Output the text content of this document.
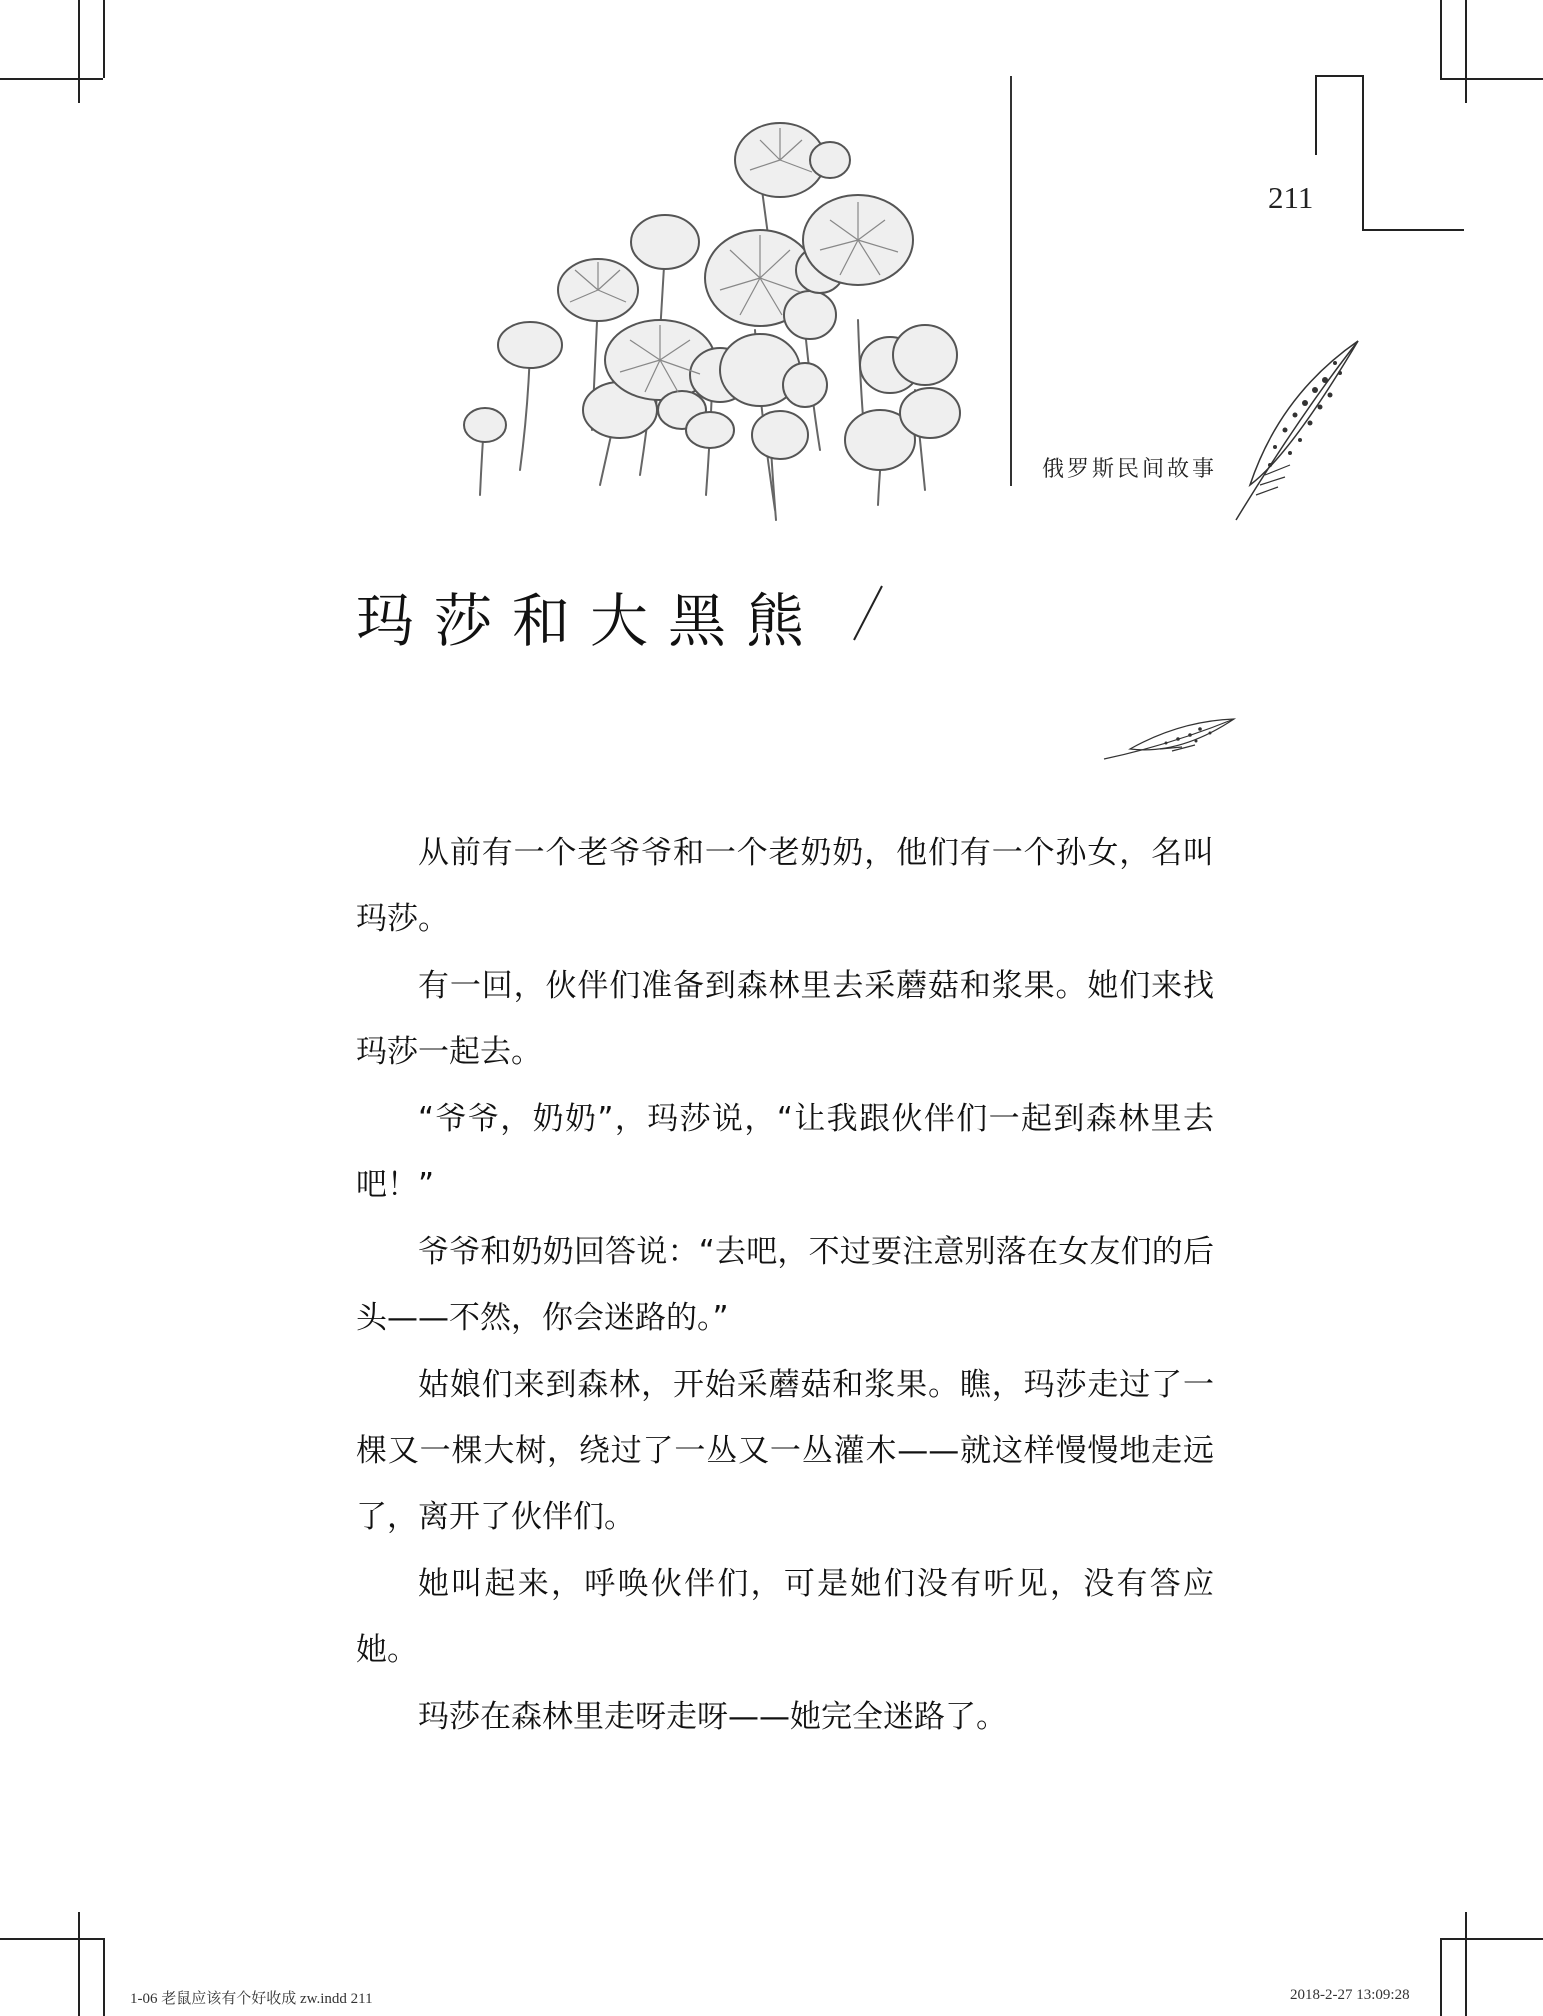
211
俄罗斯民间故事
玛莎和大黑熊

从前有一个老爷爷和一个老奶奶，他们有一个孙女，名叫玛莎。

有一回，伙伴们准备到森林里去采蘑菇和浆果。她们来找玛莎一起去。

“爷爷，奶奶”，玛莎说，“让我跟伙伴们一起到森林里去吧！”

爷爷和奶奶回答说：“去吧，不过要注意别落在女友们的后头——不然，你会迷路的。”

姑娘们来到森林，开始采蘑菇和浆果。瞧，玛莎走过了一棵又一棵大树，绕过了一丛又一丛灌木——就这样慢慢地走远了，离开了伙伴们。

她叫起来，呼唤伙伴们，可是她们没有听见，没有答应她。

玛莎在森林里走呀走呀——她完全迷路了。

1-06 老鼠应该有个好收成 zw.indd 211	2018-2-27 13:09:28
